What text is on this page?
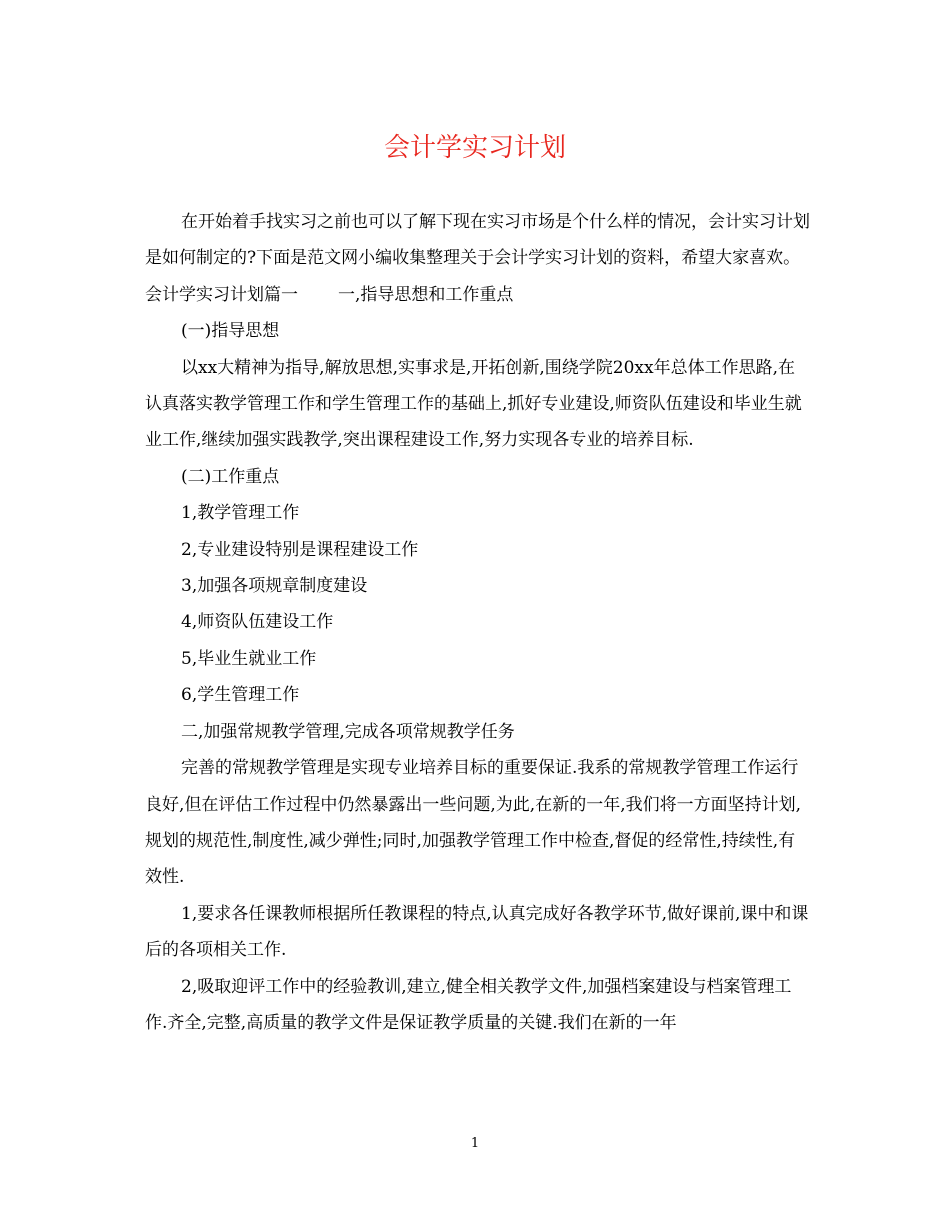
会计学实习计划

在开始着手找实习之前也可以了解下现在实习市场是个什么样的情况，会计实习计划是如何制定的?下面是范文网小编收集整理关于会计学实习计划的资料，希望大家喜欢。

会计学实习计划篇一 一,指导思想和工作重点

(一)指导思想

以xx大精神为指导,解放思想,实事求是,开拓创新,围绕学院20xx年总体工作思路,在认真落实教学管理工作和学生管理工作的基础上,抓好专业建设,师资队伍建设和毕业生就业工作,继续加强实践教学,突出课程建设工作,努力实现各专业的培养目标.

(二)工作重点

1,教学管理工作

2,专业建设特别是课程建设工作

3,加强各项规章制度建设

4,师资队伍建设工作

5,毕业生就业工作

6,学生管理工作

二,加强常规教学管理,完成各项常规教学任务

完善的常规教学管理是实现专业培养目标的重要保证.我系的常规教学管理工作运行良好,但在评估工作过程中仍然暴露出一些问题,为此,在新的一年,我们将一方面坚持计划,规划的规范性,制度性,减少弹性;同时,加强教学管理工作中检查,督促的经常性,持续性,有效性.

1,要求各任课教师根据所任教课程的特点,认真完成好各教学环节,做好课前,课中和课后的各项相关工作.

2,吸取迎评工作中的经验教训,建立,健全相关教学文件,加强档案建设与档案管理工作.齐全,完整,高质量的教学文件是保证教学质量的关键.我们在新的一年

1
